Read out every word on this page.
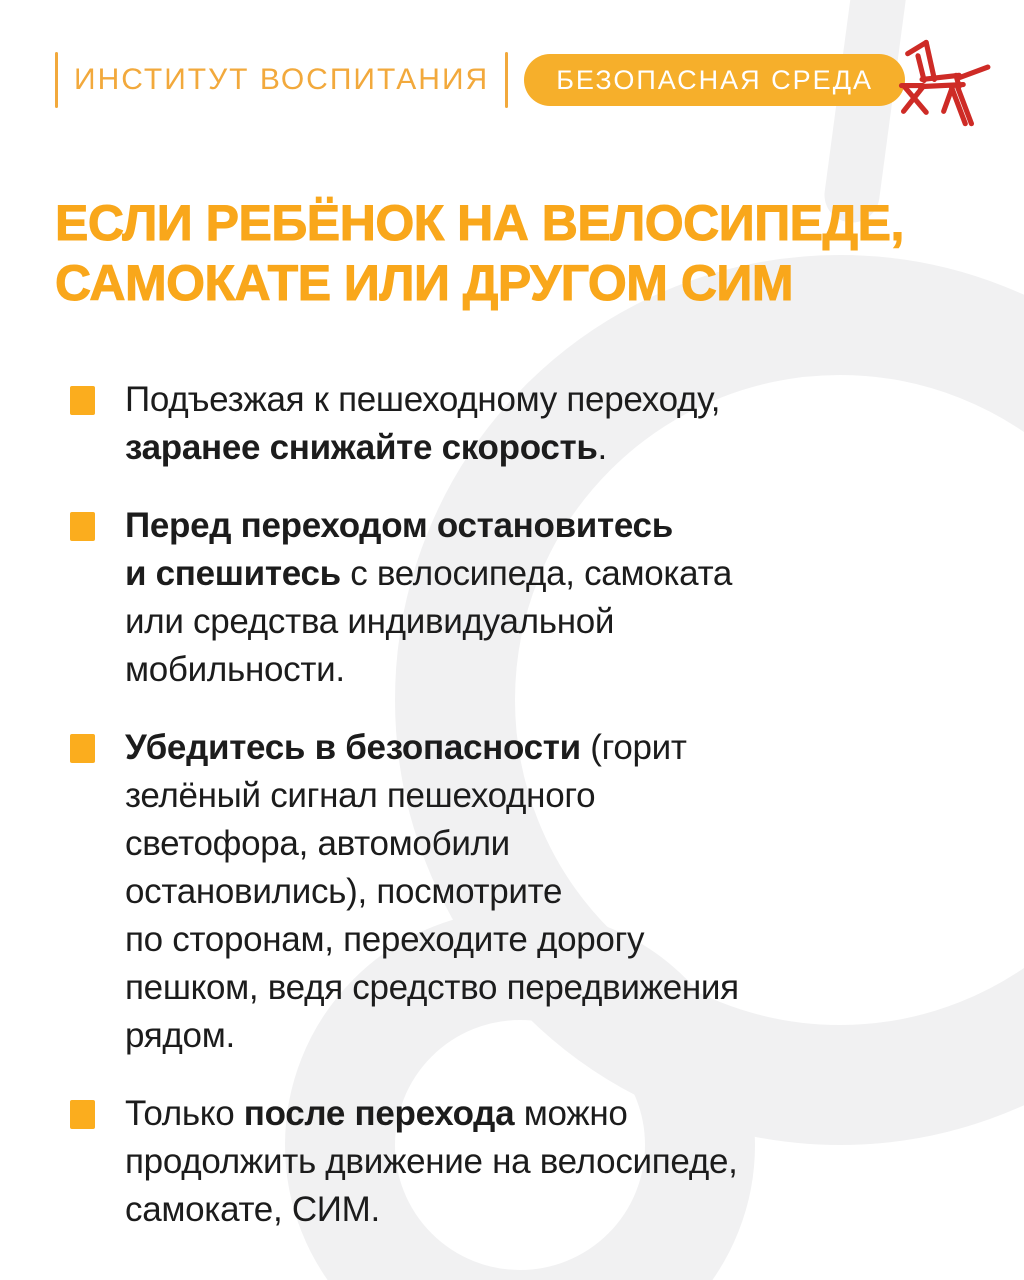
ИНСТИТУТ ВОСПИТАНИЯ	БЕЗОПАСНАЯ СРЕДА
ЕСЛИ РЕБЁНОК НА ВЕЛОСИПЕДЕ,
САМОКАТЕ ИЛИ ДРУГОМ СИМ
Подъезжая к пешеходному переходу,
заранее снижайте скорость.
Перед переходом остановитесь
и спешитесь с велосипеда, самоката
или средства индивидуальной
мобильности.
Убедитесь в безопасности (горит
зелёный сигнал пешеходного
светофора, автомобили
остановились), посмотрите
по сторонам, переходите дорогу
пешком, ведя средство передвижения
рядом.
Только после перехода можно
продолжить движение на велосипеде,
самокате, СИМ.
